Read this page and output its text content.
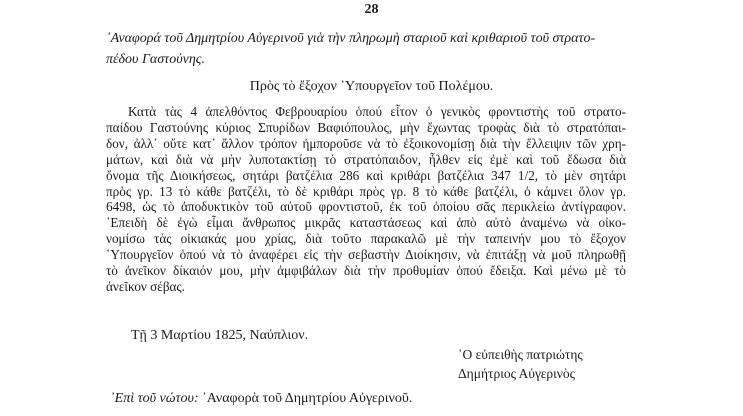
28
᾿Αναφορά τοῦ Δημητρίου Αὐγερινοῦ γιὰ τὴν πληρωμὴ σταριοῦ καὶ κριθαριοῦ τοῦ στρατο-

πέδου Γαστούνης.
Πρὸς τὸ ἔξοχον ῾Υπουργεῖον τοῦ Πολέμου.
Κατὰ τὰς 4 ἀπελθόντος Φεβρουαρίου ὁπού εἶτον ὁ γενικὸς φροντιστὴς τοῦ στρατο-
παίδου Γαστούνης κύριος Σπυρίδων Βαφιόπουλος, μὴν ἔχωντας τροφὰς διὰ τὸ στρατόπαι-
δον, ἀλλ᾿ οὔτε κατ᾿ ἄλλον τρόπον ἠμποροῦσε νὰ τὸ ἐξοικονομίσῃ διὰ τὴν ἔλλειψιν τῶν χρη-
μάτων, καὶ διὰ νὰ μὴν λυποτακτίσῃ τὸ στρατόπαιδον, ἦλθεν εἰς ἐμὲ καὶ τοῦ ἔδωσα διὰ
ὄνομα τῆς Διοικήσεως, σητάρι βατζέλια 286 καὶ κριθάρι βατζέλια 347 1/2, τὸ μὲν σητάρι
πρὸς γρ. 13 τὸ κάθε βατζέλι, τὸ δὲ κριθάρι πρὸς γρ. 8 τὸ κάθε βατζέλι, ὁ κάμνει ὅλον γρ.
6498, ὡς τὸ ἀποδυκτικὸν τοῦ αὐτοῦ φροντιστοῦ, ἐκ τοῦ ὁποίου σᾶς περικλείω ἀντίγραφον.
᾿Επειδὴ δὲ ἐγὼ εἶμαι ἄνθρωπος μικρᾶς καταστάσεως καὶ ἀπὸ αὐτὸ ἀναμένω νὰ οἰκο-
νομίσω τὰς οἰκιακάς μου χρίας, διὰ τοῦτο παρακαλῶ μὲ τὴν ταπεινήν μου τὸ ἔξοχον
῾Υπουργεῖον ὁπού νὰ τὸ ἀναφέρει εἰς τὴν σεβαστὴν Διοίκησιν, νὰ ἐπιτάξῃ νὰ μοῦ πληρωθῇ
τὸ ἀνεῖκον δίκαιόν μου, μὴν ἀμφιβάλων διὰ τὴν προθυμίαν ὁπού ἔδειξα. Καὶ μένω μὲ τὸ
ἀνεῖκον σέβας.
Τῇ 3 Μαρτίου 1825, Ναύπλιον.
῾Ο εὐπειθὴς πατριώτης
Δημήτριος Αὐγερινὸς
᾿Επὶ τοῦ νώτου: ᾿Αναφορὰ τοῦ Δημητρίου Αὐγερινοῦ.
